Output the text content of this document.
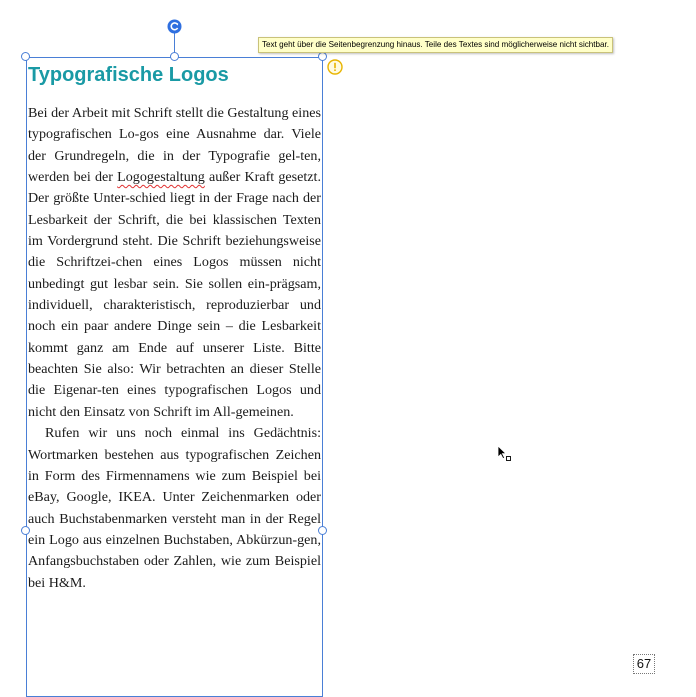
Text geht über die Seitenbegrenzung hinaus. Teile des Textes sind möglicherweise nicht sichtbar.
Typografische Logos

Bei der Arbeit mit Schrift stellt die Gestaltung eines typografischen Lo-gos eine Ausnahme dar. Viele der Grundregeln, die in der Typografie gel-ten, werden bei der Logogestaltung außer Kraft gesetzt. Der größte Unter-schied liegt in der Frage nach der Lesbarkeit der Schrift, die bei klassischen Texten im Vordergrund steht. Die Schrift beziehungsweise die Schriftzei-chen eines Logos müssen nicht unbedingt gut lesbar sein. Sie sollen ein-prägsam, individuell, charakteristisch, reproduzierbar und noch ein paar andere Dinge sein – die Lesbarkeit kommt ganz am Ende auf unserer Liste. Bitte beachten Sie also: Wir betrachten an dieser Stelle die Eigenar-ten eines typografischen Logos und nicht den Einsatz von Schrift im All-gemeinen.

Rufen wir uns noch einmal ins Gedächtnis: Wortmarken bestehen aus typografischen Zeichen in Form des Firmennamens wie zum Beispiel bei eBay, Google, IKEA. Unter Zeichenmarken oder auch Buchstabenmarken versteht man in der Regel ein Logo aus einzelnen Buchstaben, Abkürzun-gen, Anfangsbuchstaben oder Zahlen, wie zum Beispiel bei H&M.

67
